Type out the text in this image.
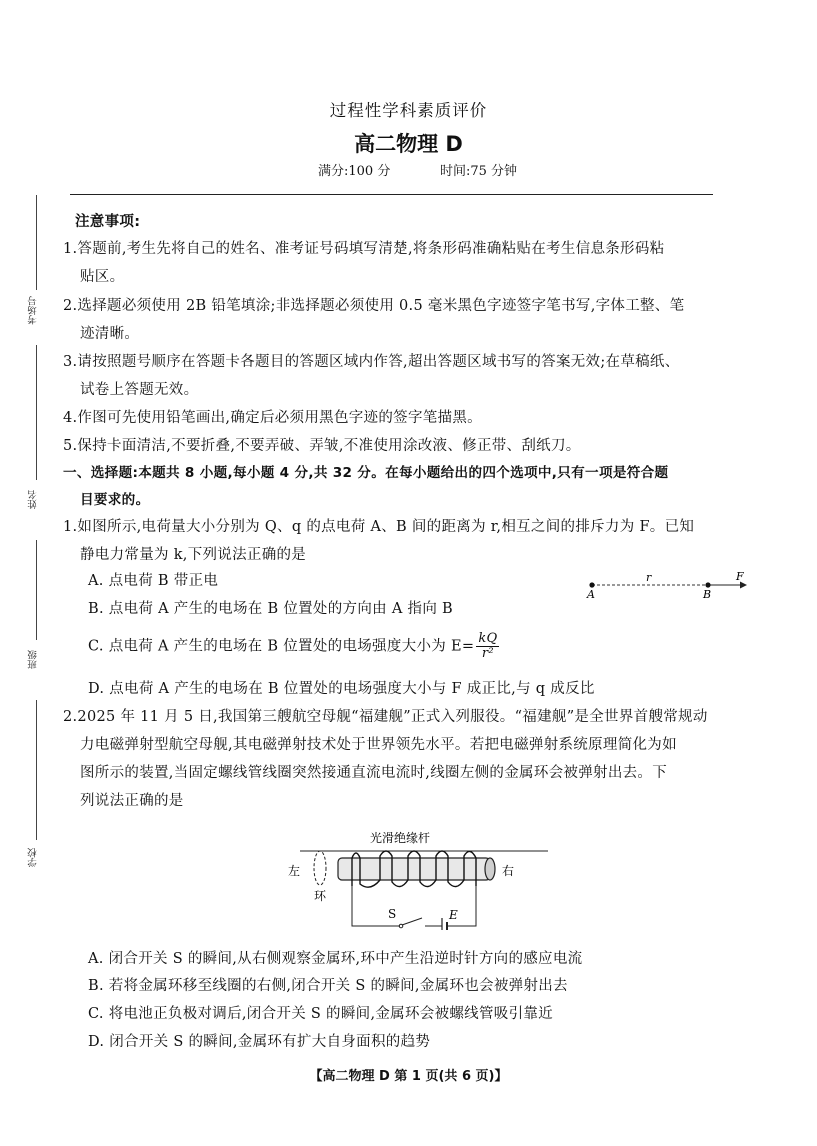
考场号
姓名
班级
学校
过程性学科素质评价
高二物理 D
满分:100 分	时间:75 分钟
注意事项:
1.答题前,考生先将自己的姓名、准考证号码填写清楚,将条形码准确粘贴在考生信息条形码粘
贴区。
2.选择题必须使用 2B 铅笔填涂;非选择题必须使用 0.5 毫米黑色字迹签字笔书写,字体工整、笔
迹清晰。
3.请按照题号顺序在答题卡各题目的答题区域内作答,超出答题区域书写的答案无效;在草稿纸、
试卷上答题无效。
4.作图可先使用铅笔画出,确定后必须用黑色字迹的签字笔描黑。
5.保持卡面清洁,不要折叠,不要弄破、弄皱,不准使用涂改液、修正带、刮纸刀。
一、选择题:本题共 8 小题,每小题 4 分,共 32 分。在每小题给出的四个选项中,只有一项是符合题
目要求的。
1.如图所示,电荷量大小分别为 Q、q 的点电荷 A、B 间的距离为 r,相互之间的排斥力为 F。已知
静电力常量为 k,下列说法正确的是
A. 点电荷 B 带正电
B. 点电荷 A 产生的电场在 B 位置处的方向由 A 指向 B
C. 点电荷 A 产生的电场在 B 位置处的电场强度大小为 $E= \frac{kQ}{\text{r²}}$
D. 点电荷 A 产生的电场在 B 位置处的电场强度大小与 F 成正比,与 q 成反比
A	B
r	F
2.2025 年 11 月 5 日,我国第三艘航空母舰“福建舰”正式入列服役。“福建舰”是全世界首艘常规动
力电磁弹射型航空母舰,其电磁弹射技术处于世界领先水平。若把电磁弹射系统原理简化为如
图所示的装置,当固定螺线管线圈突然接通直流电流时,线圈左侧的金属环会被弹射出去。下
列说法正确的是
光滑绝缘杆
左
环
右
S	E
A. 闭合开关 S 的瞬间,从右侧观察金属环,环中产生沿逆时针方向的感应电流
B. 若将金属环移至线圈的右侧,闭合开关 S 的瞬间,金属环也会被弹射出去
C. 将电池正负极对调后,闭合开关 S 的瞬间,金属环会被螺线管吸引靠近
D. 闭合开关 S 的瞬间,金属环有扩大自身面积的趋势
【高二物理 D 第 1 页(共 6 页)】
